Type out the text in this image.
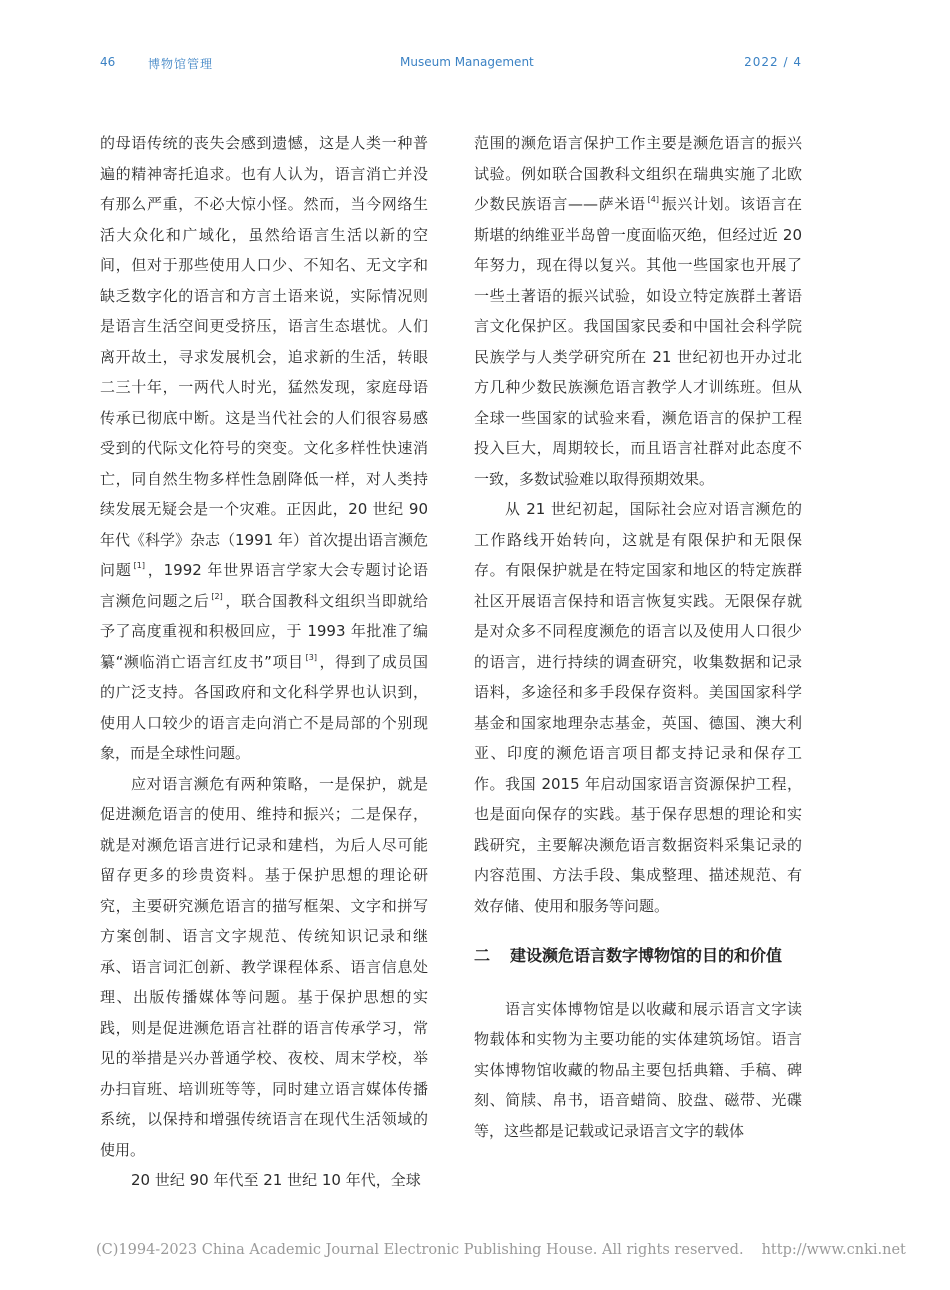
46	博物馆管理	Museum Management	2022 / 4

的母语传统的丧失会感到遗憾，这是人类一种普遍的精神寄托追求。也有人认为，语言消亡并没有那么严重，不必大惊小怪。然而，当今网络生活大众化和广域化，虽然给语言生活以新的空间，但对于那些使用人口少、不知名、无文字和缺乏数字化的语言和方言土语来说，实际情况则是语言生活空间更受挤压，语言生态堪忧。人们离开故土，寻求发展机会，追求新的生活，转眼二三十年，一两代人时光，猛然发现，家庭母语传承已彻底中断。这是当代社会的人们很容易感受到的代际文化符号的突变。文化多样性快速消亡，同自然生物多样性急剧降低一样，对人类持续发展无疑会是一个灾难。正因此，20 世纪 90 年代《科学》杂志（1991 年）首次提出语言濒危问题 [1] ，1992 年世界语言学家大会专题讨论语言濒危问题之后 [2] ，联合国教科文组织当即就给予了高度重视和积极回应，于 1993 年批准了编纂“濒临消亡语言红皮书”项目 [3] ，得到了成员国的广泛支持。各国政府和文化科学界也认识到，使用人口较少的语言走向消亡不是局部的个别现象，而是全球性问题。

应对语言濒危有两种策略，一是保护，就是促进濒危语言的使用、维持和振兴；二是保存，就是对濒危语言进行记录和建档，为后人尽可能留存更多的珍贵资料。基于保护思想的理论研究，主要研究濒危语言的描写框架、文字和拼写方案创制、语言文字规范、传统知识记录和继承、语言词汇创新、教学课程体系、语言信息处理、出版传播媒体等问题。基于保护思想的实践，则是促进濒危语言社群的语言传承学习，常见的举措是兴办普通学校、夜校、周末学校，举办扫盲班、培训班等等，同时建立语言媒体传播系统，以保持和增强传统语言在现代生活领域的使用。

20 世纪 90 年代至 21 世纪 10 年代，全球

范围的濒危语言保护工作主要是濒危语言的振兴试验。例如联合国教科文组织在瑞典实施了北欧少数民族语言——萨米语 [4] 振兴计划。该语言在斯堪的纳维亚半岛曾一度面临灭绝，但经过近 20 年努力，现在得以复兴。其他一些国家也开展了一些土著语的振兴试验，如设立特定族群土著语言文化保护区。我国国家民委和中国社会科学院民族学与人类学研究所在 21 世纪初也开办过北方几种少数民族濒危语言教学人才训练班。但从全球一些国家的试验来看，濒危语言的保护工程投入巨大，周期较长，而且语言社群对此态度不一致，多数试验难以取得预期效果。

从 21 世纪初起，国际社会应对语言濒危的工作路线开始转向，这就是有限保护和无限保存。有限保护就是在特定国家和地区的特定族群社区开展语言保持和语言恢复实践。无限保存就是对众多不同程度濒危的语言以及使用人口很少的语言，进行持续的调查研究，收集数据和记录语料，多途径和多手段保存资料。美国国家科学基金和国家地理杂志基金，英国、德国、澳大利亚、印度的濒危语言项目都支持记录和保存工作。我国 2015 年启动国家语言资源保护工程，也是面向保存的实践。基于保存思想的理论和实践研究，主要解决濒危语言数据资料采集记录的内容范围、方法手段、集成整理、描述规范、有效存储、使用和服务等问题。

二 建设濒危语言数字博物馆的目的和价值

语言实体博物馆是以收藏和展示语言文字读物载体和实物为主要功能的实体建筑场馆。语言实体博物馆收藏的物品主要包括典籍、手稿、碑刻、简牍、帛书，语音蜡筒、胶盘、磁带、光碟等，这些都是记载或记录语言文字的载体

(C)1994-2023 China Academic Journal Electronic Publishing House. All rights reserved. http://www.cnki.net
